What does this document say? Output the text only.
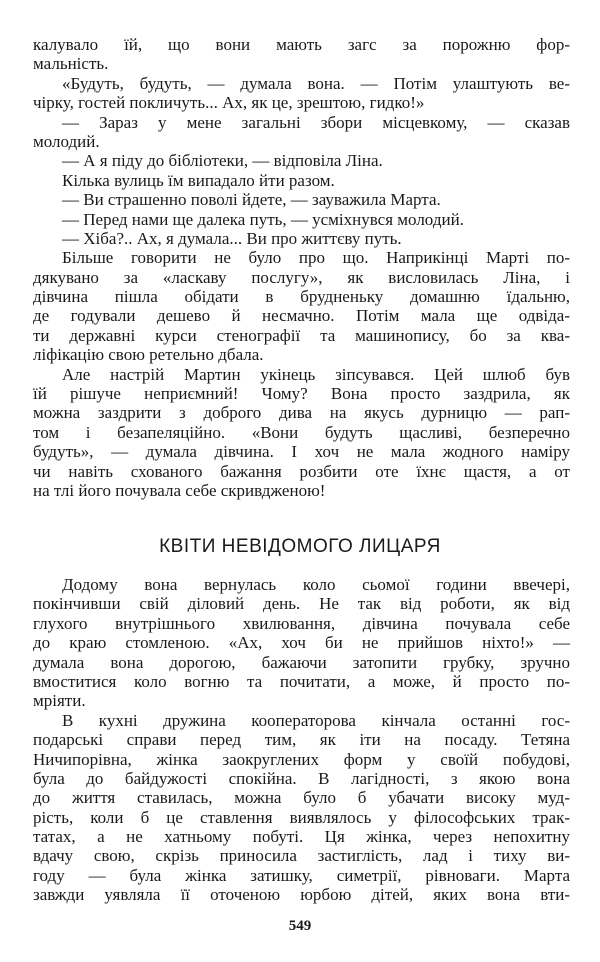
калувало їй, що вони мають загс за порожню фор-
мальність.
«Будуть, будуть, — думала вона. — Потім улаштують ве-
чірку, гостей покличуть... Ах, як це, зрештою, гидко!»
— Зараз у мене загальні збори місцевкому, — сказав
молодий.
— А я піду до бібліотеки, — відповіла Ліна.
Кілька вулиць їм випадало йти разом.
— Ви страшенно поволі йдете, — зауважила Марта.
— Перед нами ще далека путь, — усміхнувся молодий.
— Хіба?.. Ах, я думала... Ви про життєву путь.
Більше говорити не було про що. Наприкінці Марті по-
дякувано за «ласкаву послугу», як висловилась Ліна, і
дівчина пішла обідати в брудненьку домашню їдальню,
де годували дешево й несмачно. Потім мала ще одвіда-
ти державні курси стенографії та машинопису, бо за ква-
ліфікацію свою ретельно дбала.
Але настрій Мартин укінець зіпсувався. Цей шлюб був
їй рішуче неприємний! Чому? Вона просто заздрила, як
можна заздрити з доброго дива на якусь дурницю — рап-
том і безапеляційно. «Вони будуть щасливі, безперечно
будуть», — думала дівчина. І хоч не мала жодного наміру
чи навіть схованого бажання розбити оте їхнє щастя, а от
на тлі його почувала себе скривдженою!
КВІТИ НЕВІДОМОГО ЛИЦАРЯ
Додому вона вернулась коло сьомої години ввечері,
покінчивши свій діловий день. Не так від роботи, як від
глухого внутрішнього хвилювання, дівчина почувала себе
до краю стомленою. «Ах, хоч би не прийшов ніхто!» —
думала вона дорогою, бажаючи затопити грубку, зручно
вмоститися коло вогню та почитати, а може, й просто по-
мріяти.
В кухні дружина кооператорова кінчала останні гос-
подарські справи перед тим, як іти на посаду. Тетяна
Ничипорівна, жінка заокруглених форм у своїй побудові,
була до байдужості спокійна. В лагідності, з якою вона
до життя ставилась, можна було б убачати високу муд-
рість, коли б це ставлення виявлялось у філософських трак-
татах, а не хатньому побуті. Ця жінка, через непохитну
вдачу свою, скрізь приносила застиглість, лад і тиху ви-
году — була жінка затишку, симетрії, рівноваги. Марта
завжди уявляла її оточеною юрбою дітей, яких вона вти-
549
